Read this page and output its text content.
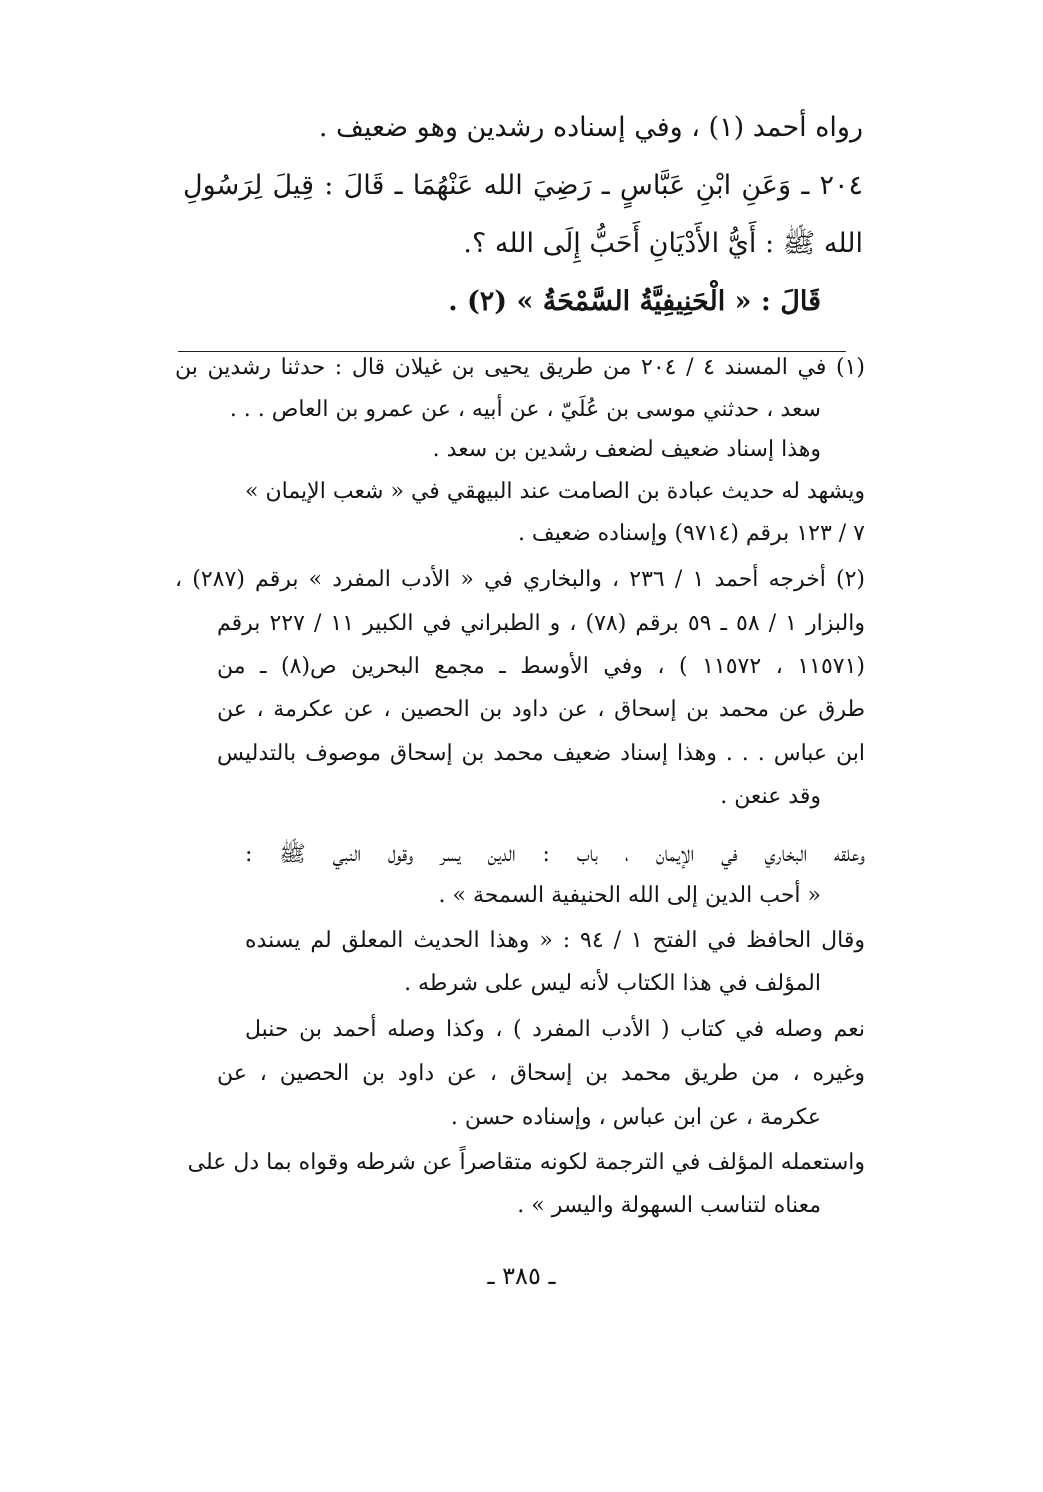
رواه أحمد (١) ، وفي إسناده رشدين وهو ضعيف .
٢٠٤ ـ وَعَنِ ابْنِ عَبَّاسٍ ـ رَضِيَ الله عَنْهُمَا ـ قَالَ : قِيلَ لِرَسُولِ
الله ﷺ : أَيُّ الأَدْيَانِ أَحَبُّ إِلَى الله ؟.
قَالَ : « الْحَنِيفِيَّةُ السَّمْحَةُ » (٢) .
(١) في المسند ٤ / ٢٠٤ من طريق يحيى بن غيلان قال : حدثنا رشدين بن
سعد ، حدثني موسى بن عُلَيّ ، عن أبيه ، عن عمرو بن العاص . . .
وهذا إسناد ضعيف لضعف رشدين بن سعد .
ويشهد له حديث عبادة بن الصامت عند البيهقي في « شعب الإيمان »
٧ / ١٢٣ برقم (٩٧١٤) وإسناده ضعيف .
(٢) أخرجه أحمد ١ / ٢٣٦ ، والبخاري في « الأدب المفرد » برقم (٢٨٧) ،
والبزار ١ / ٥٨ ـ ٥٩ برقم (٧٨) ، و الطبراني في الكبير ١١ / ٢٢٧ برقم
(١١٥٧١ ، ١١٥٧٢ ) ، وفي الأوسط ـ مجمع البحرين ص(٨) ـ من
طرق عن محمد بن إسحاق ، عن داود بن الحصين ، عن عكرمة ، عن
ابن عباس . . . وهذا إسناد ضعيف محمد بن إسحاق موصوف بالتدليس
وقد عنعن .
وعلقه البخاري في الإيمان ، باب : الدين يسر وقول النبي ﷺ :
« أحب الدين إلى الله الحنيفية السمحة » .
وقال الحافظ في الفتح ١ / ٩٤ : « وهذا الحديث المعلق لم يسنده
المؤلف في هذا الكتاب لأنه ليس على شرطه .
نعم وصله في كتاب ( الأدب المفرد ) ، وكذا وصله أحمد بن حنبل
وغيره ، من طريق محمد بن إسحاق ، عن داود بن الحصين ، عن
عكرمة ، عن ابن عباس ، وإسناده حسن .
واستعمله المؤلف في الترجمة لكونه متقاصراً عن شرطه وقواه بما دل على
معناه لتناسب السهولة واليسر » .
ـ ٣٨٥ ـ
